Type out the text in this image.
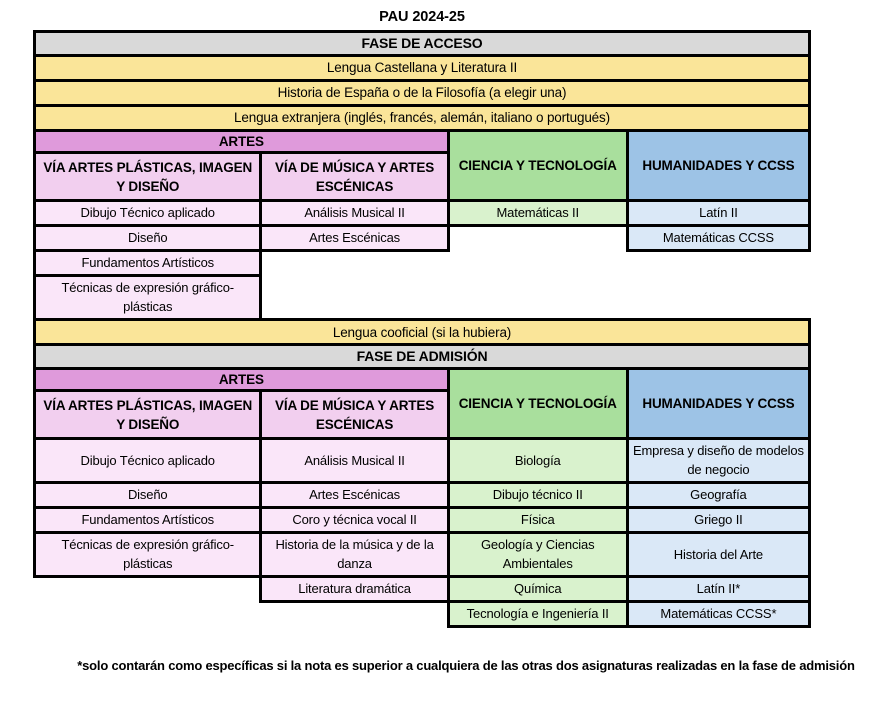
PAU 2024-25
FASE DE ACCESO			
Lengua Castellana y Literatura II			
Historia de España o de la Filosofía (a elegir una)			
Lengua extranjera (inglés, francés, alemán, italiano o portugués)			
ARTES		CIENCIA Y TECNOLOGÍA	HUMANIDADES Y CCSS
VÍA ARTES PLÁSTICAS, IMAGEN Y DISEÑO	VÍA DE MÚSICA Y ARTES ESCÉNICAS		
Dibujo Técnico aplicado	Análisis Musical II	Matemáticas II	Latín II
Diseño	Artes Escénicas		Matemáticas CCSS
Fundamentos Artísticos			
Técnicas de expresión gráfico-plásticas			
Lengua cooficial (si la hubiera)			
FASE DE ADMISIÓN			
ARTES		CIENCIA Y TECNOLOGÍA	HUMANIDADES Y CCSS
VÍA ARTES PLÁSTICAS, IMAGEN Y DISEÑO	VÍA DE MÚSICA Y ARTES ESCÉNICAS		
Dibujo Técnico aplicado	Análisis Musical II	Biología	Empresa y diseño de modelos de negocio
Diseño	Artes Escénicas	Dibujo técnico II	Geografía
Fundamentos Artísticos	Coro y técnica vocal II	Física	Griego II
Técnicas de expresión gráfico-plásticas	Historia de la música y de la danza	Geología y Ciencias Ambientales	Historia del Arte
	Literatura dramática	Química	Latín II*
		Tecnología e Ingeniería II	Matemáticas CCSS*
*solo contarán como específicas si la nota es superior a cualquiera de las otras dos asignaturas realizadas en la fase de admisión
